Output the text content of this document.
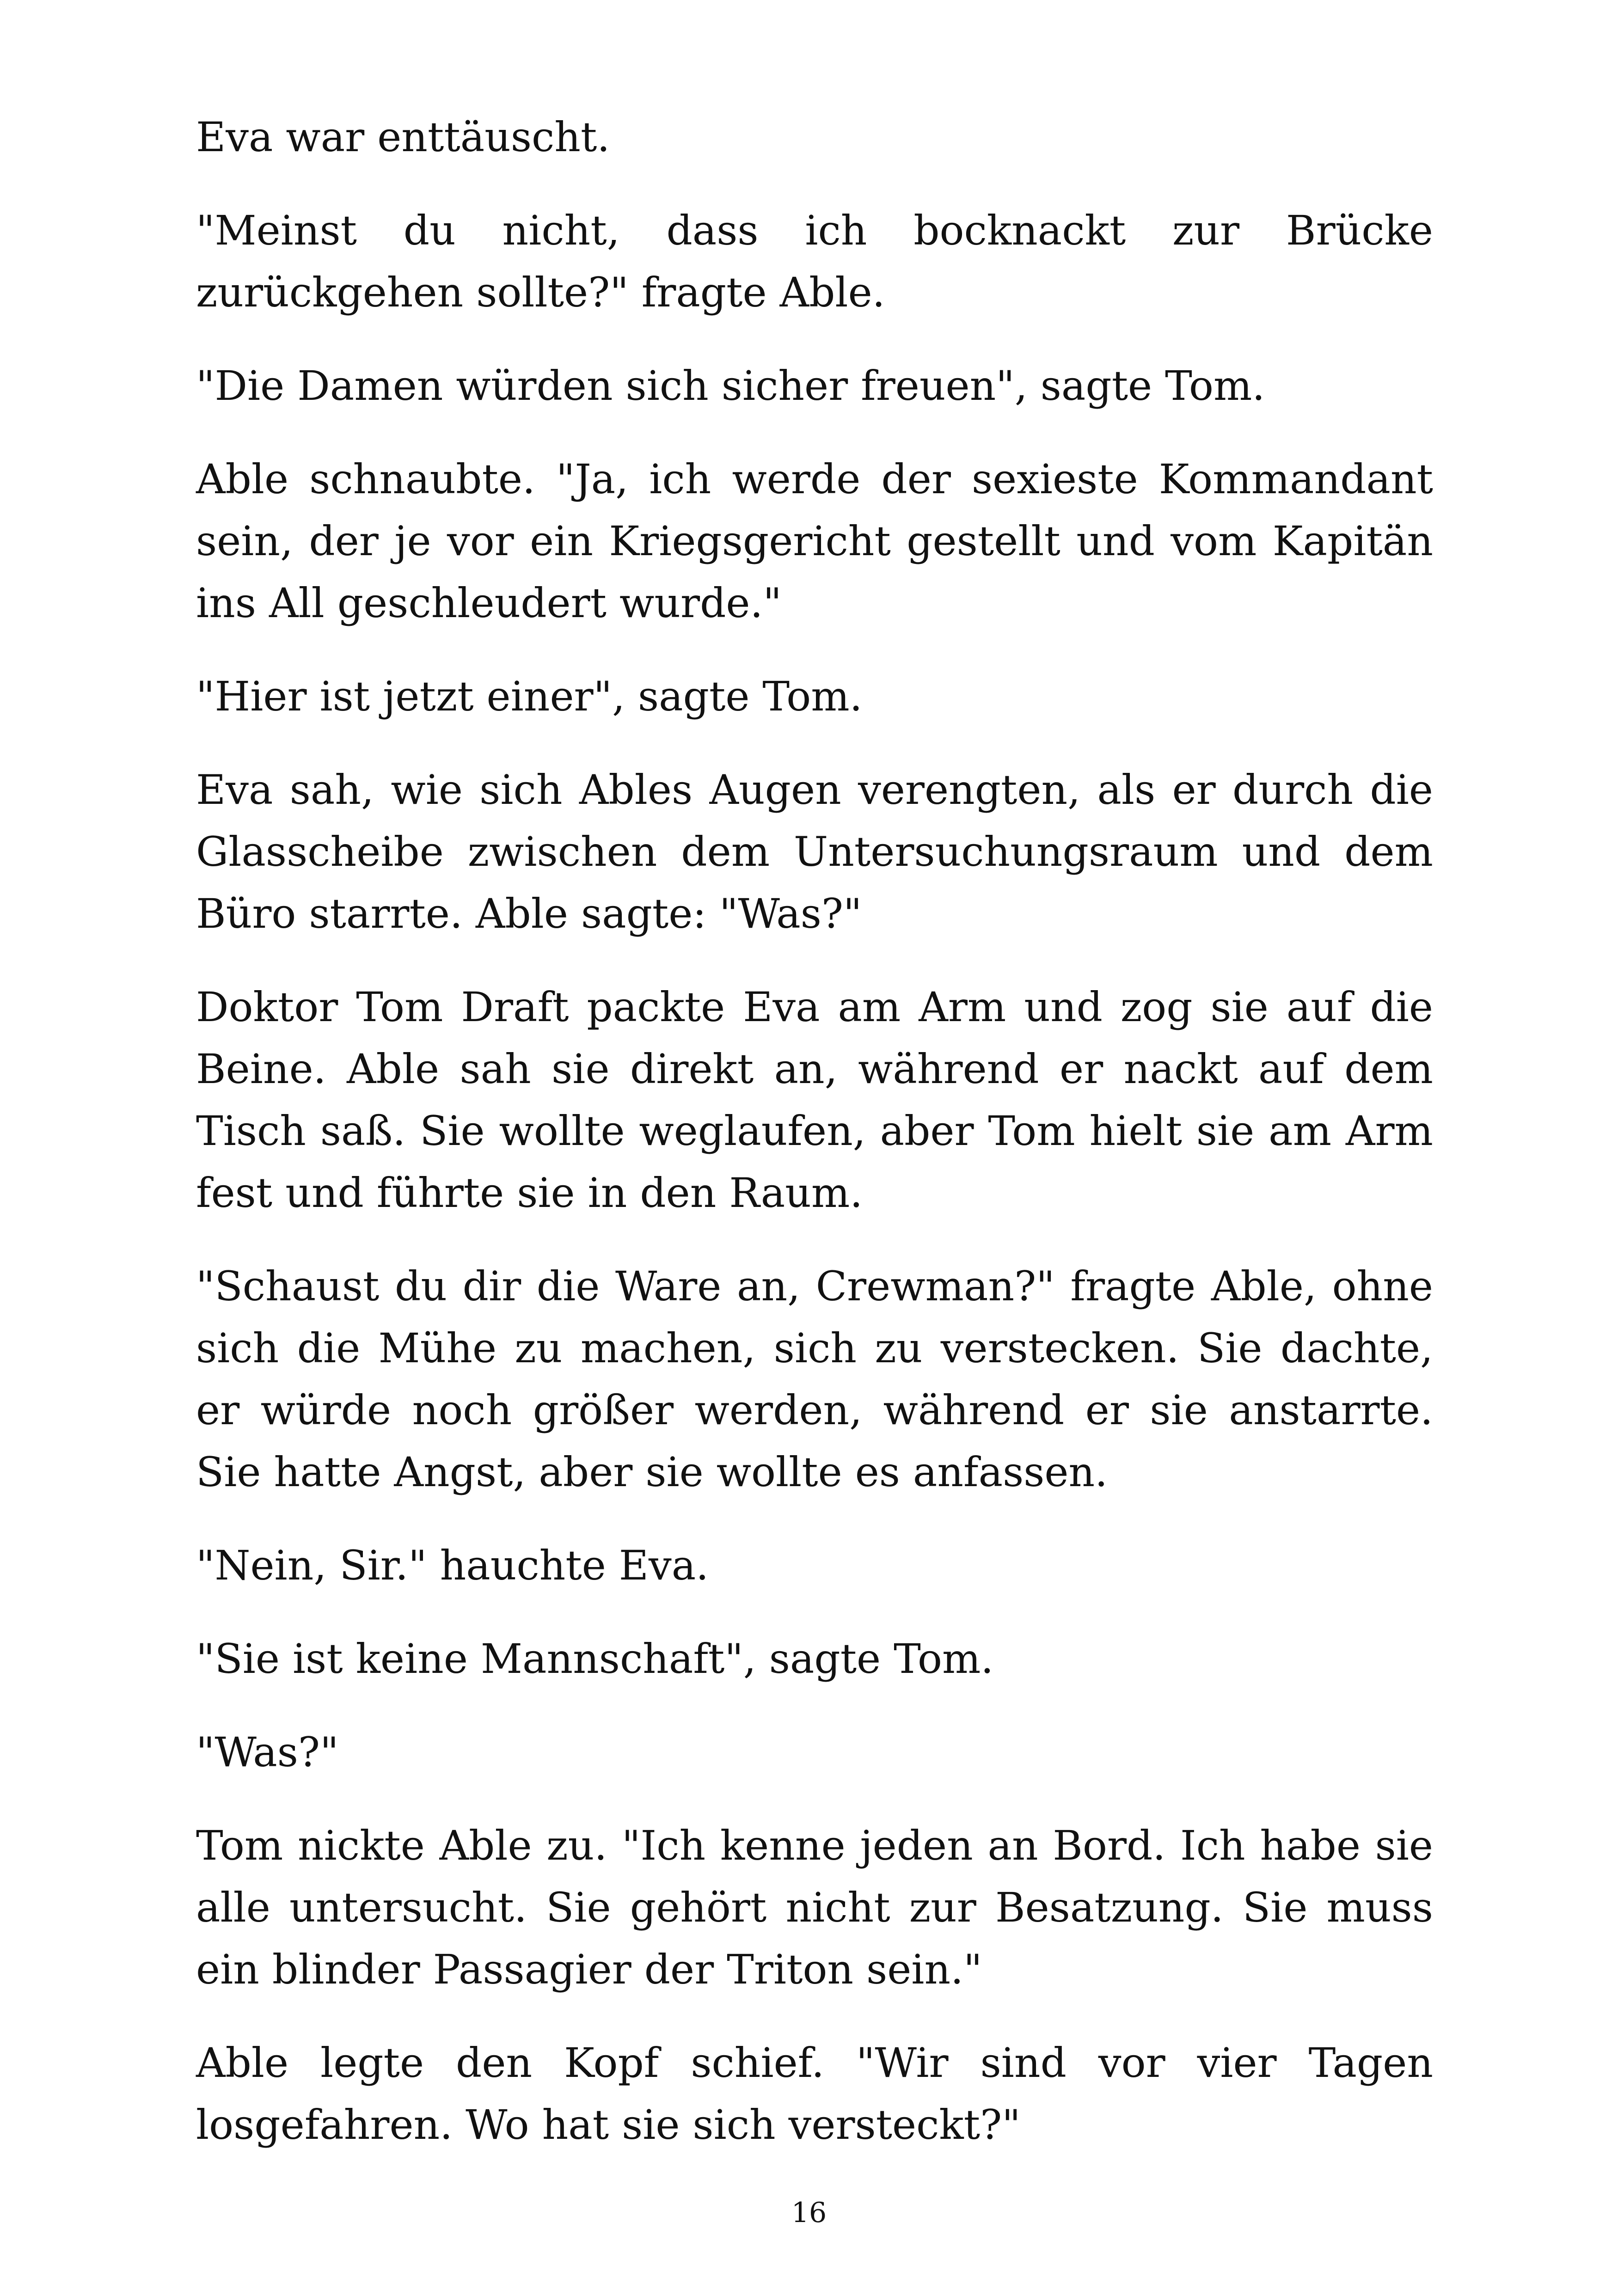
Eva war enttäuscht.

"Meinst du nicht, dass ich bocknackt zur Brücke zurückgehen sollte?" fragte Able.

"Die Damen würden sich sicher freuen", sagte Tom.

Able schnaubte. "Ja, ich werde der sexieste Kommandant sein, der je vor ein Kriegsgericht gestellt und vom Kapitän ins All geschleudert wurde."

"Hier ist jetzt einer", sagte Tom.

Eva sah, wie sich Ables Augen verengten, als er durch die Glasscheibe zwischen dem Untersuchungsraum und dem Büro starrte. Able sagte: "Was?"

Doktor Tom Draft packte Eva am Arm und zog sie auf die Beine. Able sah sie direkt an, während er nackt auf dem Tisch saß. Sie wollte weglaufen, aber Tom hielt sie am Arm fest und führte sie in den Raum.

"Schaust du dir die Ware an, Crewman?" fragte Able, ohne sich die Mühe zu machen, sich zu verstecken. Sie dachte, er würde noch größer werden, während er sie anstarrte. Sie hatte Angst, aber sie wollte es anfassen.

"Nein, Sir." hauchte Eva.

"Sie ist keine Mannschaft", sagte Tom.

"Was?"

Tom nickte Able zu. "Ich kenne jeden an Bord. Ich habe sie alle untersucht. Sie gehört nicht zur Besatzung. Sie muss ein blinder Passagier der Triton sein."

Able legte den Kopf schief. "Wir sind vor vier Tagen losgefahren. Wo hat sie sich versteckt?"

16
